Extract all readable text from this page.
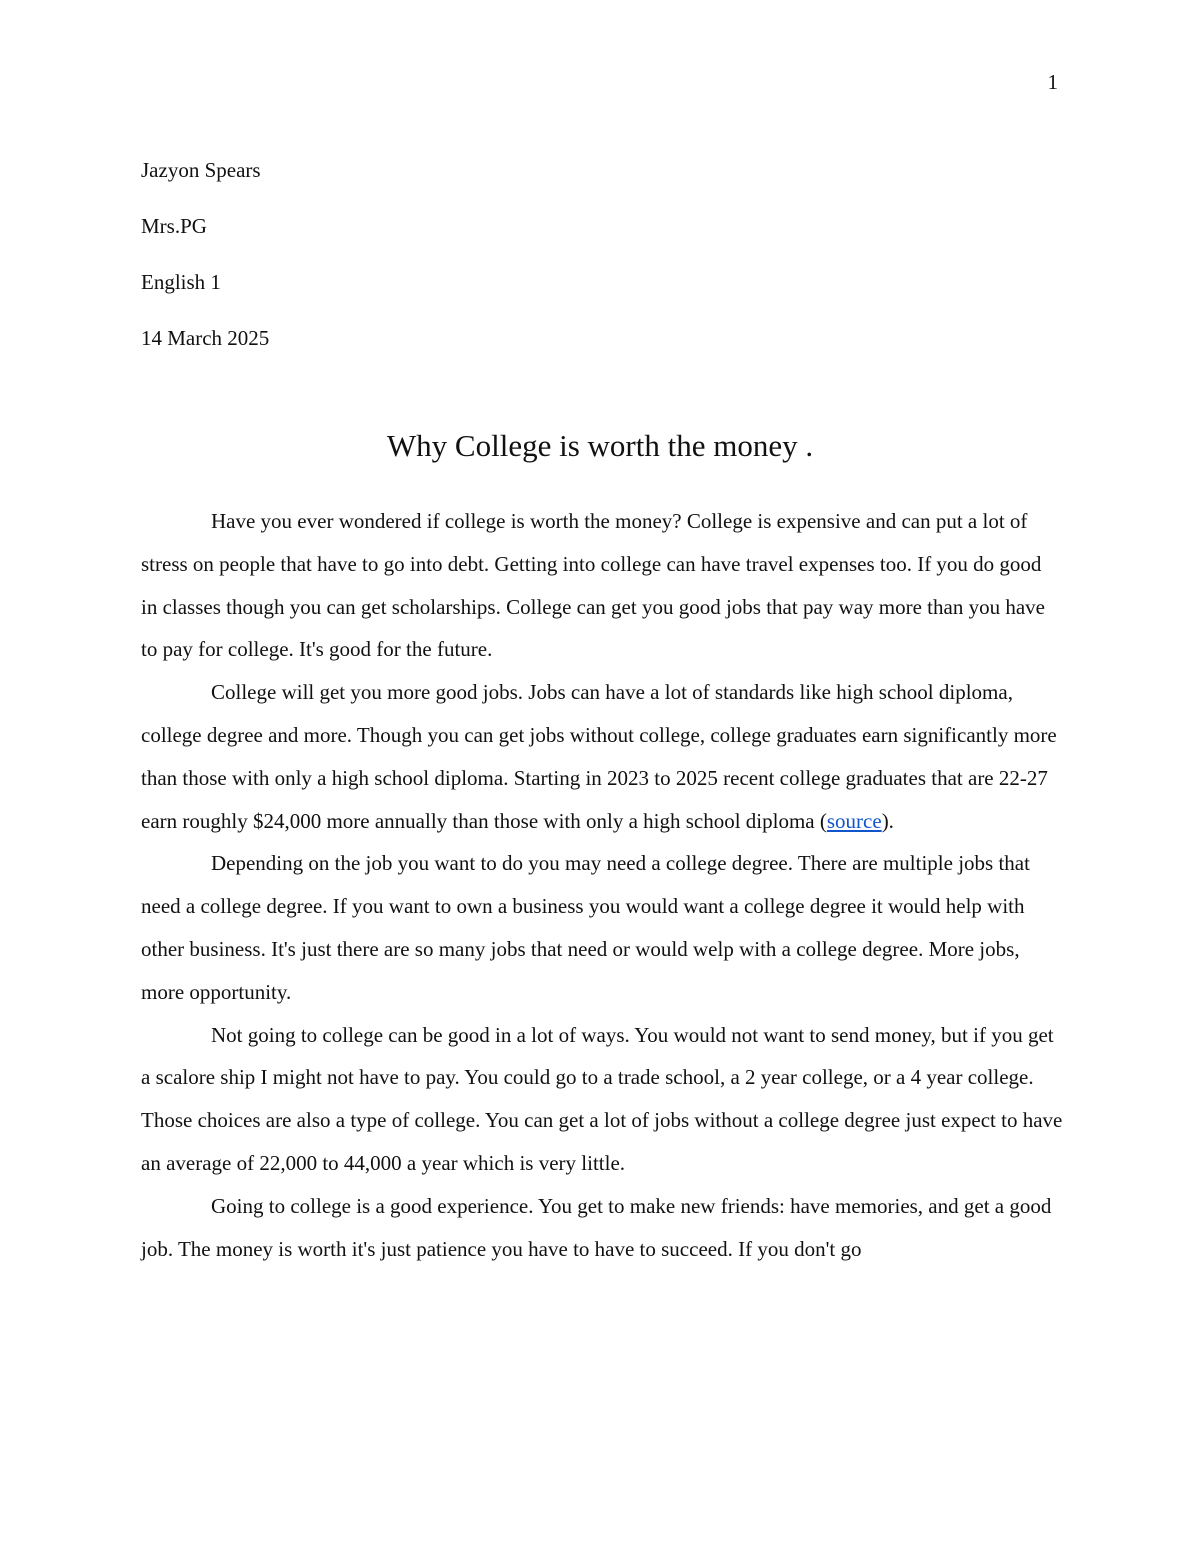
1

Jazyon Spears

Mrs.PG

English 1

14 March 2025

Why College is worth the money .

Have you ever wondered if college is worth the money? College is expensive and can put a lot of stress on people that have to go into debt. Getting into college can have travel expenses too. If you do good in classes though you can get scholarships. College can get you good jobs that pay way more than you have to pay for college. It's good for the future.

College will get you more good jobs. Jobs can have a lot of standards like high school diploma, college degree and more. Though you can get jobs without college, college graduates earn significantly more than those with only a high school diploma. Starting in 2023 to 2025 recent college graduates that are 22-27 earn roughly $24,000 more annually than those with only a high school diploma (source).

Depending on the job you want to do you may need a college degree. There are multiple jobs that need a college degree. If you want to own a business you would want a college degree it would help with other business. It's just there are so many jobs that need or would welp with a college degree. More jobs, more opportunity.

Not going to college can be good in a lot of ways. You would not want to send money, but if you get a scalore ship I might not have to pay. You could go to a trade school, a 2 year college, or a 4 year college. Those choices are also a type of college. You can get a lot of jobs without a college degree just expect to have an average of 22,000 to 44,000 a year which is very little.

Going to college is a good experience. You get to make new friends: have memories, and get a good job. The money is worth it's just patience you have to have to succeed. If you don't go
